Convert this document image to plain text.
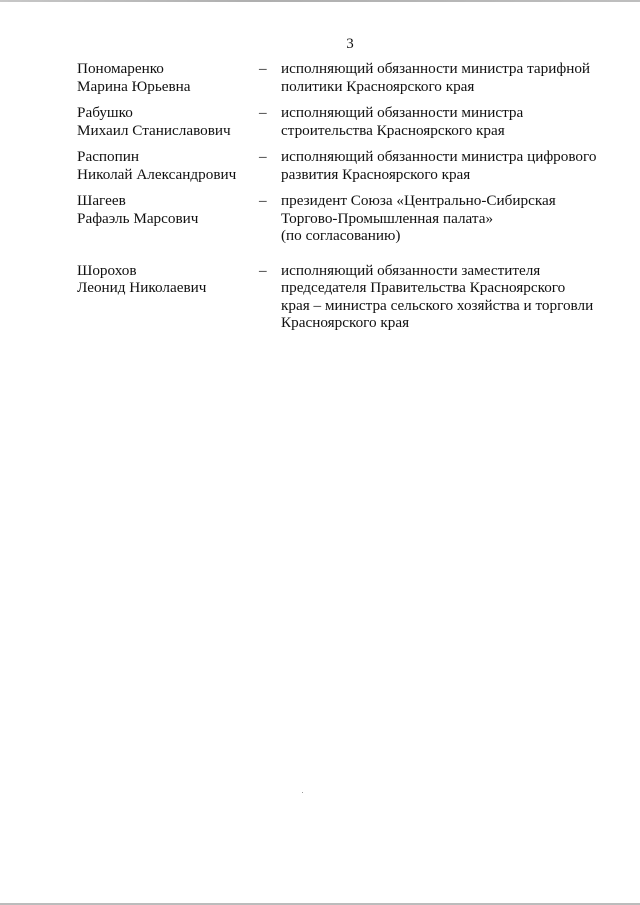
3
Пономаренко
Марина Юрьевна
– исполняющий обязанности министра тарифной
политики Красноярского края
Рабушко
Михаил Станиславович
– исполняющий обязанности министра
строительства Красноярского края
Распопин
Николай Александрович
– исполняющий обязанности министра цифрового
развития Красноярского края
Шагеев
Рафаэль Марсович
– президент Союза «Центрально-Сибирская
Торгово-Промышленная палата»
(по согласованию)
Шорохов
Леонид Николаевич
– исполняющий обязанности заместителя
председателя Правительства Красноярского
края – министра сельского хозяйства и торговли
Красноярского края
